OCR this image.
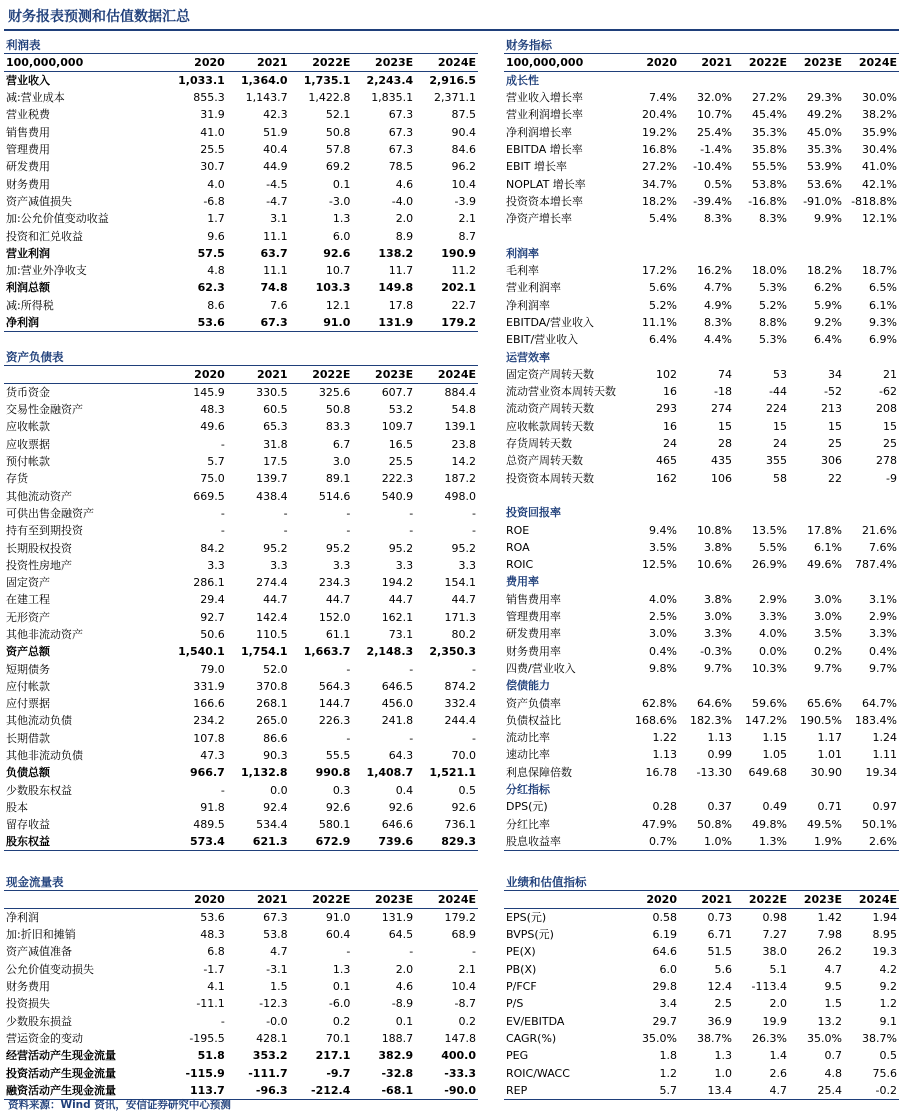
财务报表预测和估值数据汇总
利润表
100,000,000	2020	2021	2022E	2023E	2024E
营业收入	1,033.1	1,364.0	1,735.1	2,243.4	2,916.5
减:营业成本	855.3	1,143.7	1,422.8	1,835.1	2,371.1
营业税费	31.9	42.3	52.1	67.3	87.5
销售费用	41.0	51.9	50.8	67.3	90.4
管理费用	25.5	40.4	57.8	67.3	84.6
研发费用	30.7	44.9	69.2	78.5	96.2
财务费用	4.0	-4.5	0.1	4.6	10.4
资产减值损失	-6.8	-4.7	-3.0	-4.0	-3.9
加:公允价值变动收益	1.7	3.1	1.3	2.0	2.1
投资和汇兑收益	9.6	11.1	6.0	8.9	8.7
营业利润	57.5	63.7	92.6	138.2	190.9
加:营业外净收支	4.8	11.1	10.7	11.7	11.2
利润总额	62.3	74.8	103.3	149.8	202.1
减:所得税	8.6	7.6	12.1	17.8	22.7
净利润	53.6	67.3	91.0	131.9	179.2
资产负债表
	2020	2021	2022E	2023E	2024E
货币资金	145.9	330.5	325.6	607.7	884.4
交易性金融资产	48.3	60.5	50.8	53.2	54.8
应收帐款	49.6	65.3	83.3	109.7	139.1
应收票据	-	31.8	6.7	16.5	23.8
预付帐款	5.7	17.5	3.0	25.5	14.2
存货	75.0	139.7	89.1	222.3	187.2
其他流动资产	669.5	438.4	514.6	540.9	498.0
可供出售金融资产	-	-	-	-	-
持有至到期投资	-	-	-	-	-
长期股权投资	84.2	95.2	95.2	95.2	95.2
投资性房地产	3.3	3.3	3.3	3.3	3.3
固定资产	286.1	274.4	234.3	194.2	154.1
在建工程	29.4	44.7	44.7	44.7	44.7
无形资产	92.7	142.4	152.0	162.1	171.3
其他非流动资产	50.6	110.5	61.1	73.1	80.2
资产总额	1,540.1	1,754.1	1,663.7	2,148.3	2,350.3
短期债务	79.0	52.0	-	-	-
应付帐款	331.9	370.8	564.3	646.5	874.2
应付票据	166.6	268.1	144.7	456.0	332.4
其他流动负债	234.2	265.0	226.3	241.8	244.4
长期借款	107.8	86.6	-	-	-
其他非流动负债	47.3	90.3	55.5	64.3	70.0
负债总额	966.7	1,132.8	990.8	1,408.7	1,521.1
少数股东权益	-	0.0	0.3	0.4	0.5
股本	91.8	92.4	92.6	92.6	92.6
留存收益	489.5	534.4	580.1	646.6	736.1
股东权益	573.4	621.3	672.9	739.6	829.3
现金流量表
	2020	2021	2022E	2023E	2024E
净利润	53.6	67.3	91.0	131.9	179.2
加:折旧和摊销	48.3	53.8	60.4	64.5	68.9
资产减值准备	6.8	4.7	-	-	-
公允价值变动损失	-1.7	-3.1	1.3	2.0	2.1
财务费用	4.1	1.5	0.1	4.6	10.4
投资损失	-11.1	-12.3	-6.0	-8.9	-8.7
少数股东损益	-	-0.0	0.2	0.1	0.2
营运资金的变动	-195.5	428.1	70.1	188.7	147.8
经营活动产生现金流量	51.8	353.2	217.1	382.9	400.0
投资活动产生现金流量	-115.9	-111.7	-9.7	-32.8	-33.3
融资活动产生现金流量	113.7	-96.3	-212.4	-68.1	-90.0
财务指标
100,000,000	2020	2021	2022E	2023E	2024E
成长性					
营业收入增长率	7.4%	32.0%	27.2%	29.3%	30.0%
营业利润增长率	20.4%	10.7%	45.4%	49.2%	38.2%
净利润增长率	19.2%	25.4%	35.3%	45.0%	35.9%
EBITDA 增长率	16.8%	-1.4%	35.8%	35.3%	30.4%
EBIT 增长率	27.2%	-10.4%	55.5%	53.9%	41.0%
NOPLAT 增长率	34.7%	0.5%	53.8%	53.6%	42.1%
投资资本增长率	18.2%	-39.4%	-16.8%	-91.0%	-818.8%
净资产增长率	5.4%	8.3%	8.3%	9.9%	12.1%

利润率					
毛利率	17.2%	16.2%	18.0%	18.2%	18.7%
营业利润率	5.6%	4.7%	5.3%	6.2%	6.5%
净利润率	5.2%	4.9%	5.2%	5.9%	6.1%
EBITDA/营业收入	11.1%	8.3%	8.8%	9.2%	9.3%
EBIT/营业收入	6.4%	4.4%	5.3%	6.4%	6.9%
运营效率					
固定资产周转天数	102	74	53	34	21
流动营业资本周转天数	16	-18	-44	-52	-62
流动资产周转天数	293	274	224	213	208
应收帐款周转天数	16	15	15	15	15
存货周转天数	24	28	24	25	25
总资产周转天数	465	435	355	306	278
投资资本周转天数	162	106	58	22	-9

投资回报率					
ROE	9.4%	10.8%	13.5%	17.8%	21.6%
ROA	3.5%	3.8%	5.5%	6.1%	7.6%
ROIC	12.5%	10.6%	26.9%	49.6%	787.4%
费用率					
销售费用率	4.0%	3.8%	2.9%	3.0%	3.1%
管理费用率	2.5%	3.0%	3.3%	3.0%	2.9%
研发费用率	3.0%	3.3%	4.0%	3.5%	3.3%
财务费用率	0.4%	-0.3%	0.0%	0.2%	0.4%
四费/营业收入	9.8%	9.7%	10.3%	9.7%	9.7%
偿债能力					
资产负债率	62.8%	64.6%	59.6%	65.6%	64.7%
负债权益比	168.6%	182.3%	147.2%	190.5%	183.4%
流动比率	1.22	1.13	1.15	1.17	1.24
速动比率	1.13	0.99	1.05	1.01	1.11
利息保障倍数	16.78	-13.30	649.68	30.90	19.34
分红指标					
DPS(元)	0.28	0.37	0.49	0.71	0.97
分红比率	47.9%	50.8%	49.8%	49.5%	50.1%
股息收益率	0.7%	1.0%	1.3%	1.9%	2.6%
业绩和估值指标
	2020	2021	2022E	2023E	2024E
EPS(元)	0.58	0.73	0.98	1.42	1.94
BVPS(元)	6.19	6.71	7.27	7.98	8.95
PE(X)	64.6	51.5	38.0	26.2	19.3
PB(X)	6.0	5.6	5.1	4.7	4.2
P/FCF	29.8	12.4	-113.4	9.5	9.2
P/S	3.4	2.5	2.0	1.5	1.2
EV/EBITDA	29.7	36.9	19.9	13.2	9.1
CAGR(%)	35.0%	38.7%	26.3%	35.0%	38.7%
PEG	1.8	1.3	1.4	0.7	0.5
ROIC/WACC	1.2	1.0	2.6	4.8	75.6
REP	5.7	13.4	4.7	25.4	-0.2
资料来源：Wind 资讯，安信证券研究中心预测
